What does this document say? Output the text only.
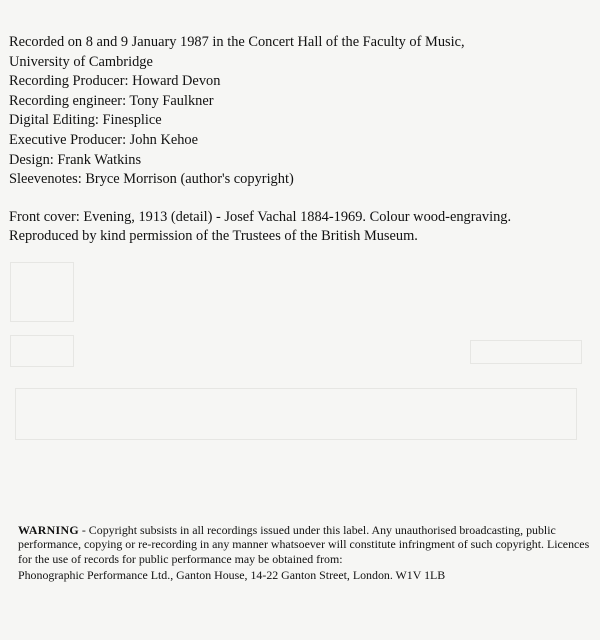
Recorded on 8 and 9 January 1987 in the Concert Hall of the Faculty of Music,
University of Cambridge
Recording Producer: Howard Devon
Recording engineer: Tony Faulkner
Digital Editing: Finesplice
Executive Producer: John Kehoe
Design: Frank Watkins
Sleevenotes: Bryce Morrison (author's copyright)
Front cover: Evening, 1913 (detail) - Josef Vachal 1884-1969. Colour wood-engraving.
Reproduced by kind permission of the Trustees of the British Museum.
WARNING - Copyright subsists in all recordings issued under this label. Any unauthorised broadcasting, public performance, copying or re-recording in any manner whatsoever will constitute infringment of such copyright. Licences for the use of records for public performance may be obtained from:
Phonographic Performance Ltd., Ganton House, 14-22 Ganton Street, London. W1V 1LB
